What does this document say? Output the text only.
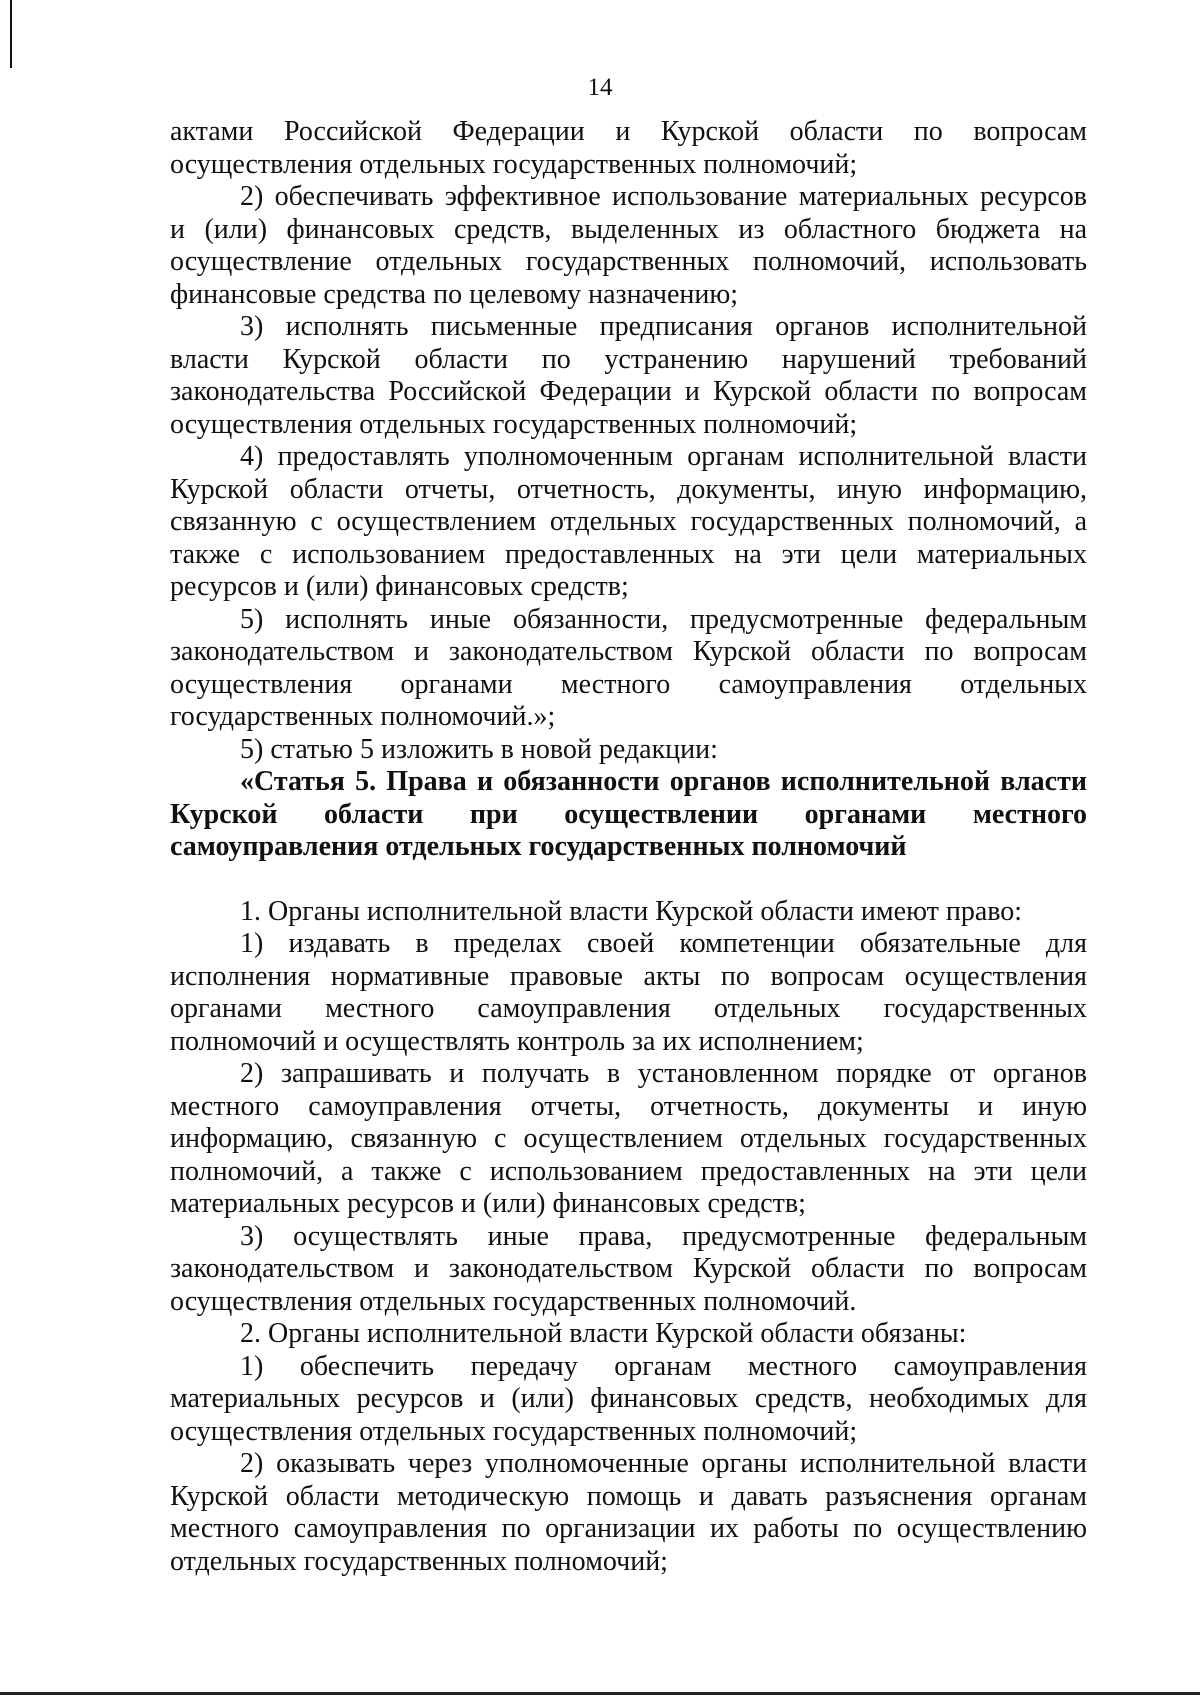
14

актами Российской Федерации и Курской области по вопросам осуществления отдельных государственных полномочий;

2) обеспечивать эффективное использование материальных ресурсов и (или) финансовых средств, выделенных из областного бюджета на осуществление отдельных государственных полномочий, использовать финансовые средства по целевому назначению;

3) исполнять письменные предписания органов исполнительной власти Курской области по устранению нарушений требований законодательства Российской Федерации и Курской области по вопросам осуществления отдельных государственных полномочий;

4) предоставлять уполномоченным органам исполнительной власти Курской области отчеты, отчетность, документы, иную информацию, связанную с осуществлением отдельных государственных полномочий, а также с использованием предоставленных на эти цели материальных ресурсов и (или) финансовых средств;

5) исполнять иные обязанности, предусмотренные федеральным законодательством и законодательством Курской области по вопросам осуществления органами местного самоуправления отдельных государственных полномочий.»;

5) статью 5 изложить в новой редакции:

«Статья 5. Права и обязанности органов исполнительной власти Курской области при осуществлении органами местного самоуправления отдельных государственных полномочий

1. Органы исполнительной власти Курской области имеют право:

1) издавать в пределах своей компетенции обязательные для исполнения нормативные правовые акты по вопросам осуществления органами местного самоуправления отдельных государственных полномочий и осуществлять контроль за их исполнением;

2) запрашивать и получать в установленном порядке от органов местного самоуправления отчеты, отчетность, документы и иную информацию, связанную с осуществлением отдельных государственных полномочий, а также с использованием предоставленных на эти цели материальных ресурсов и (или) финансовых средств;

3) осуществлять иные права, предусмотренные федеральным законодательством и законодательством Курской области по вопросам осуществления отдельных государственных полномочий.

2. Органы исполнительной власти Курской области обязаны:

1) обеспечить передачу органам местного самоуправления материальных ресурсов и (или) финансовых средств, необходимых для осуществления отдельных государственных полномочий;

2) оказывать через уполномоченные органы исполнительной власти Курской области методическую помощь и давать разъяснения органам местного самоуправления по организации их работы по осуществлению отдельных государственных полномочий;
